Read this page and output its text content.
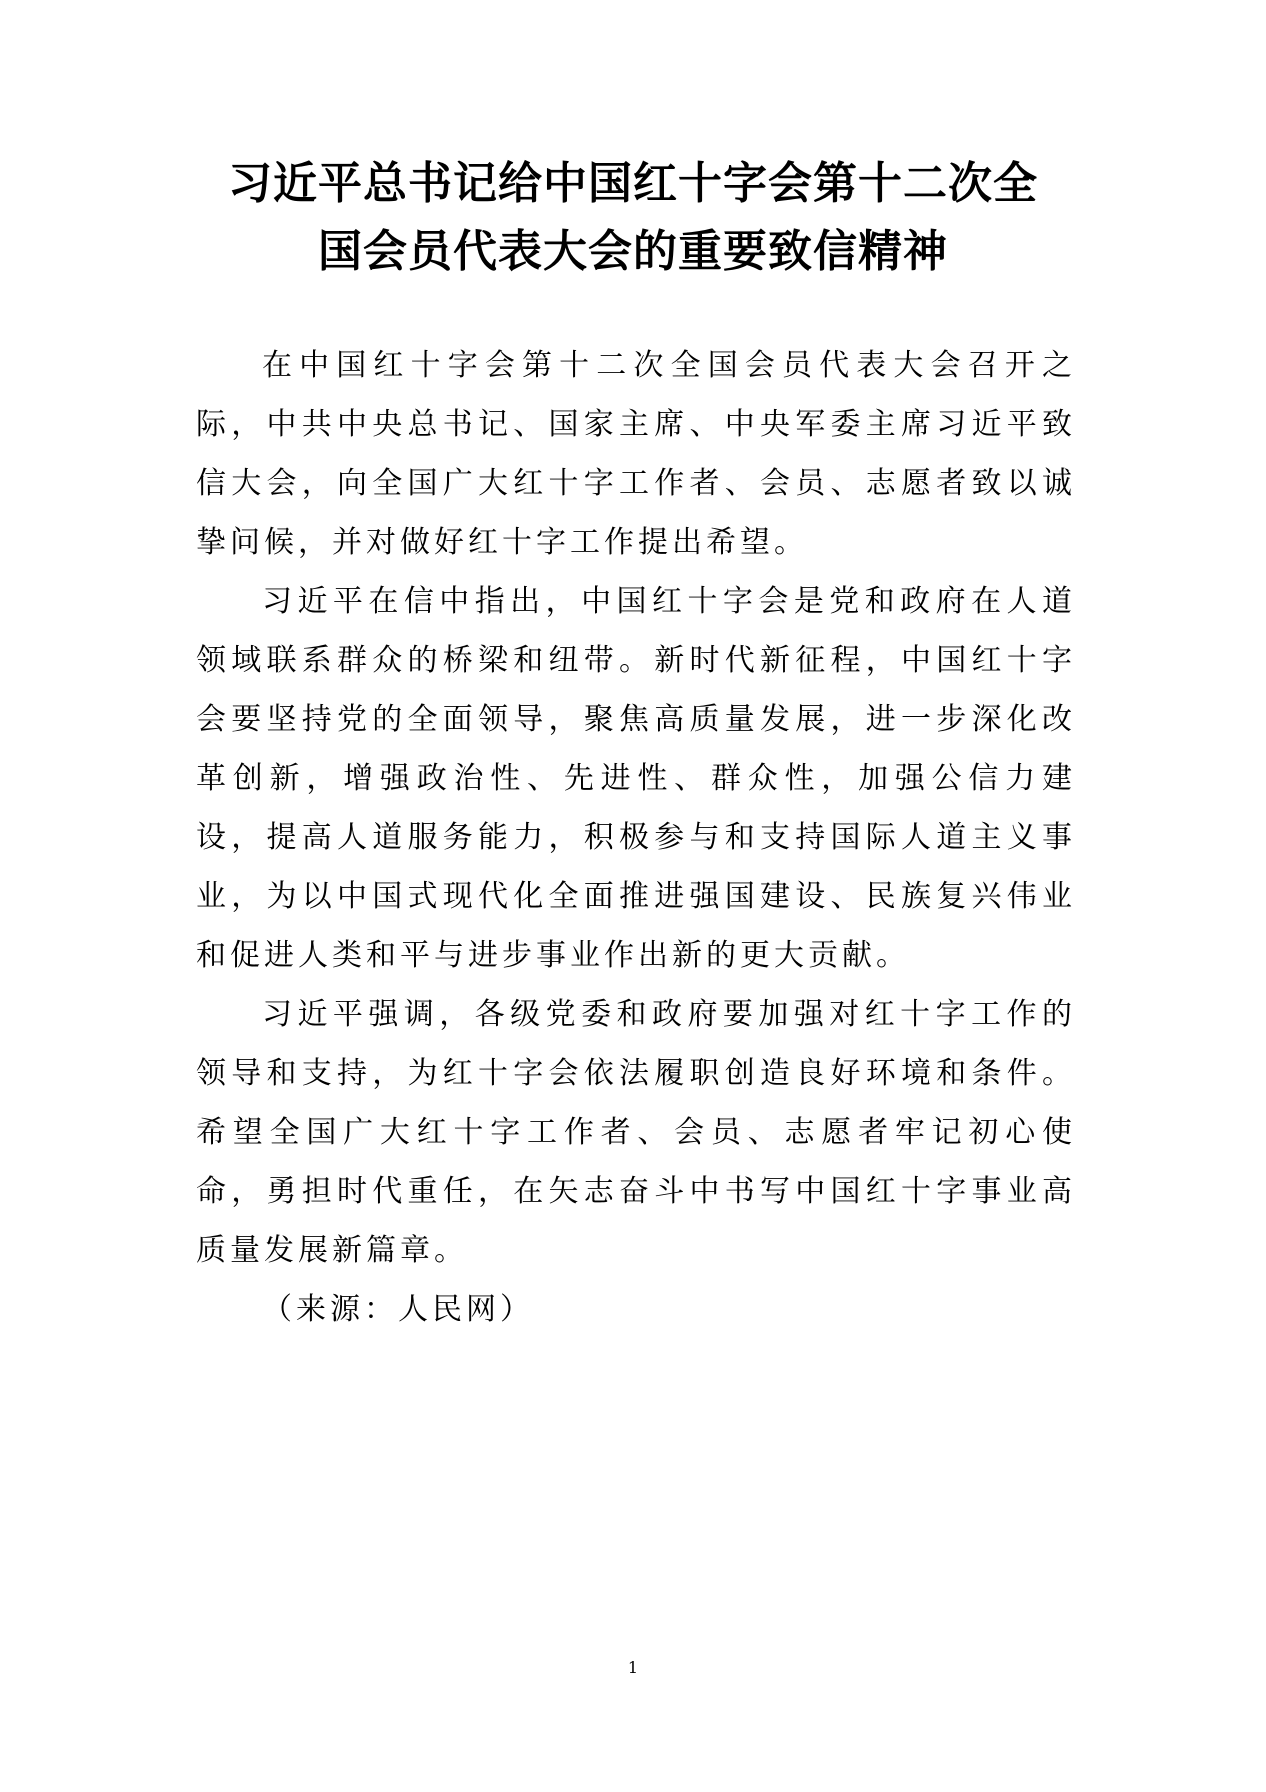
习近平总书记给中国红十字会第十二次全
国会员代表大会的重要致信精神

在中国红十字会第十二次全国会员代表大会召开之际，中共中央总书记、国家主席、中央军委主席习近平致信大会，向全国广大红十字工作者、会员、志愿者致以诚挚问候，并对做好红十字工作提出希望。

习近平在信中指出，中国红十字会是党和政府在人道领域联系群众的桥梁和纽带。新时代新征程，中国红十字会要坚持党的全面领导，聚焦高质量发展，进一步深化改革创新，增强政治性、先进性、群众性，加强公信力建设，提高人道服务能力，积极参与和支持国际人道主义事业，为以中国式现代化全面推进强国建设、民族复兴伟业和促进人类和平与进步事业作出新的更大贡献。

习近平强调，各级党委和政府要加强对红十字工作的领导和支持，为红十字会依法履职创造良好环境和条件。希望全国广大红十字工作者、会员、志愿者牢记初心使命，勇担时代重任，在矢志奋斗中书写中国红十字事业高质量发展新篇章。

（来源：人民网）

1
